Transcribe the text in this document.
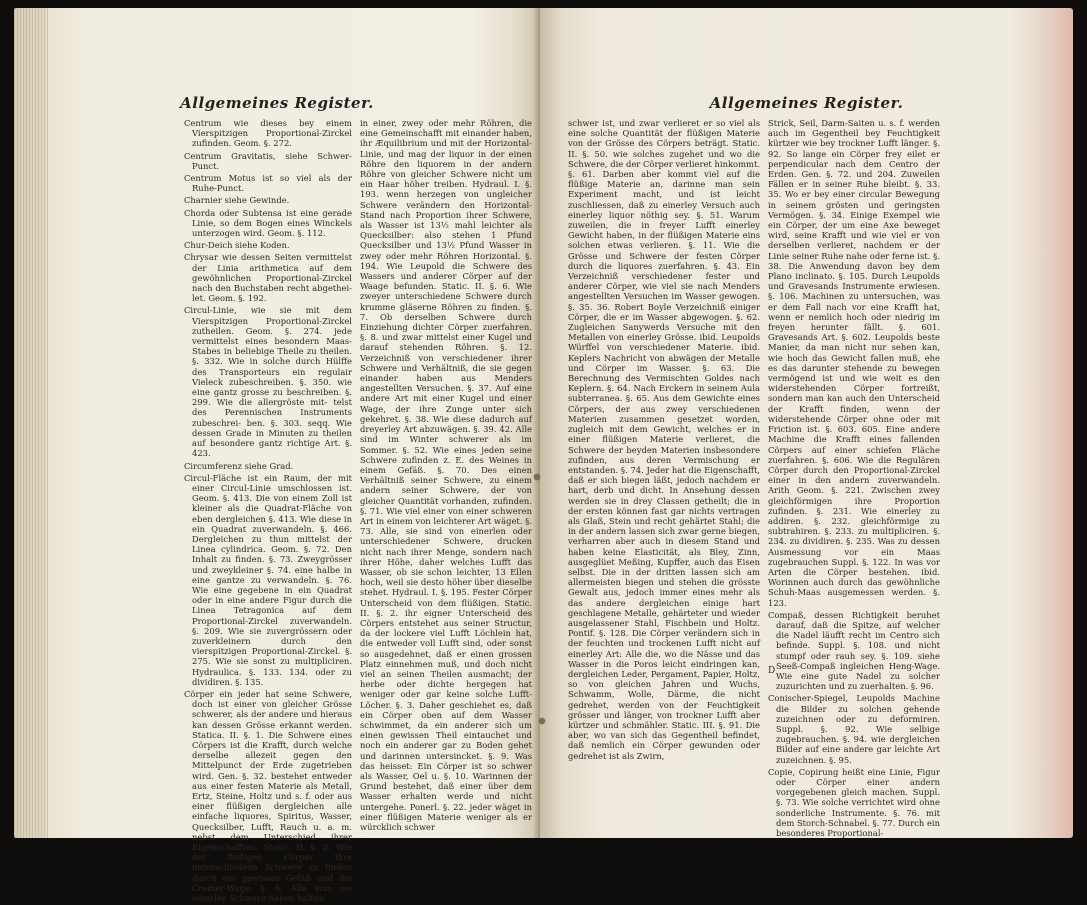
Allgemeines Register.

Centrum wie dieses bey einem Vierspitzigen Proportional-Zirckel zufinden. Geom. §. 272.

Centrum Gravitatis, siehe Schwer-Punct.

Centrum Motus ist so viel als der Ruhe-Punct.

Charnier siehe Gewinde.

Chorda oder Subtensa ist eine gerade Linie, so dem Bogen eines Winckels unterzogen wird. Geom. §. 112.

Chur-Deich siehe Koden.

Chrysar wie dessen Seiten vermittelst der Linia arithmetica auf dem gewöhnlichen Proportional-Zirckel nach den Buchstaben recht abgethei- let. Geom. §. 192.

Circul-Linie, wie sie mit dem Vierspitzigen Proportional-Zirckel zutheilen. Geom. §. 274. jede vermittelst eines besondern Maas-Stabes in beliebige Theile zu theilen. §. 332. Wie in solche durch Hülffe des Transporteurs ein regulair Vieleck zubeschreiben. §. 350. wie eine gantz grosse zu beschreiben. §. 299. Wie die allergröste mit- telst des Perennischen Instruments zubeschrei- ben. §. 303. seqq. Wie dessen Grade in Minuten zu theilen auf besondere gantz richtige Art. §. 423.

Circumferenz siehe Grad.

Circul-Fläche ist ein Raum, der mit einer Circul-Linie umschlossen ist. Geom. §. 413. Die von einem Zoll ist kleiner als die Quadrat-Fläche von eben dergleichen §. 413. Wie diese in ein Quadrat zuverwandeln. §. 466. Dergleichen zu thun mittelst der Linea cylindrica. Geom. §. 72. Den Inhalt zu finden. §. 73. Zweygrösser und zweykleiner §. 74. eine halbe in eine gantze zu verwandeln. §. 76. Wie eine gegebene in ein Quadrat oder in eine andere Figur durch die Linea Tetragonica auf dem Proportional-Zirckel zuverwandeln. §. 209. Wie sie zuvergrössern oder zuverkleinern durch den vierspitzigen Proportional-Zirckel. §. 275. Wie sie sonst zu multipliciren. Hydraulica. §. 133. 134. oder zu dividiren. §. 135.

Cörper ein jeder hat seine Schwere, doch ist einer von gleicher Grösse schwerer, als der andere und hieraus kan dessen Grösse erkannt werden. Statica. II. §. 1. Die Schwere eines Cörpers ist die Krafft, durch welche derselbe allezeit gegen den Mittelpunct der Erde zugetrieben wird. Gen. §. 32. bestehet entweder aus einer festen Materie als Metall, Ertz, Steine, Holtz und s. f. oder aus einer flüßigen dergleichen alle einfache liquores, Spiritus, Wasser, Quecksilber, Lufft, Rauch u. a. m. nebst dem Unterschied ihrer Eigenschafften. Static. II. §. 2. Wie der flüßigen Cörper ihre unterschiedene Schwere zu finden durch ein gewisses Gefäß und die Cramer-Wage. §. 6. Alle vom sie einerley Schwere haben halten

in einer, zwey oder mehr Röhren, die eine Gemeinschafft mit einander haben, ihr Æquilibrium und mit der Horizontal-Linie, und mag der liquor in der einen Röhre den liquorem in der andern Röhre von gleicher Schwere nicht um ein Haar höher treiben. Hydraul. I. §. 193. wenn herzegen von ungleicher Schwere verändern den Horizontal-Stand nach Proportion ihrer Schwere, als Wasser ist 13½ mahl leichter als Quecksilber: also stehen 1 Pfund Quecksilber und 13½ Pfund Wasser in zwey oder mehr Röhren Horizontal. §. 194. Wie Leupold die Schwere des Wassers und anderer Cörper auf der Waage befunden. Static. II. §. 6. Wie zweyer unterschiedene Schwere durch krumme gläserne Röhren zu finden. §. 7. Ob derselben Schwere durch Einziehung dichter Cörper zuerfahren. §. 8. und zwar mittelst einer Kugel und darauf stehenden Röhren. §. 12. Verzeichniß von verschiedener ihrer Schwere und Verhältniß, die sie gegen einander haben aus Menders angestellten Versuchen. §. 37. Auf eine andere Art mit einer Kugel und einer Wage, der ihre Zunge unter sich gekehret. §. 38. Wie diese dadurch auf dreyerley Art abzuwägen. §. 39. 42. Alle sind im Winter schwerer als im Sommer. §. 52. Wie eines jeden seine Schwere zufinden z. E. des Weines in einem Gefäß. §. 70. Des einen Verhältniß seiner Schwere, zu einem andern seiner Schwere, der von gleicher Quantität vorhanden, zufinden. §. 71. Wie viel einer von einer schweren Art in einem von leichterer Art wäget. §. 73. Alle, sie sind von einerlen oder unterschiedener Schwere, drucken nicht nach ihrer Menge, sondern nach ihrer Höhe, daher welches Lufft das Wasser, ob sie schon leichter, 13 Ellen hoch, weil sie desto höher über dieselbe stehet. Hydraul. I. §. 195. Fester Cörper Unterscheid von dem flüßigen. Static. II. §. 2. ihr eigner Unterscheid des Cörpers entstehet aus seiner Structur, da der lockere viel Lufft Löchlein hat, die entweder voll Lufft sind, oder sonst so ausgedehnet, daß er einen grossen Platz einnehmen muß, und doch nicht viel an seinen Theilen ausmacht; der herbe oder dichte hergegen hat weniger oder gar keine solche Lufft-Löcher. §. 3. Daher geschiehet es, daß ein Cörper oben auf dem Wasser schwimmet, da ein anderer sich um einen gewissen Theil eintauchet und noch ein anderer gar zu Boden gehet und darinnen untersincket. §. 9. Was das heisset: Ein Cörper ist so schwer als Wasser, Oel u. §. 10. Warinnen der Grund bestehet, daß einer über dem Wasser erhalten werde und nicht untergehe. Ponerl. §. 22. jeder wäget in einer flüßigen Materie weniger als er würcklich schwer

Allgemeines Register.

schwer ist, und zwar verlieret er so viel als eine solche Quantität der flüßigen Materie von der Grösse des Cörpers beträgt. Static. II. §. 50. wie solches zugehet und wo die Schwere, die der Cörper verlieret hinkommt. §. 61. Darben aber kommt viel auf die flüßige Materie an, darinne man sein Experiment macht, und ist leicht zuschliessen, daß zu einerley Versuch auch einerley liquor nöthig sey. §. 51. Warum zuweilen, die in freyer Lufft einerley Gewicht haben, in der flüßigen Materie eins solchen etwas verlieren. §. 11. Wie die Grösse und Schwere der festen Cörper durch die liquores zuerfahren. §. 43. Ein Verzeichniß verschiedener fester und anderer Cörper, wie viel sie nach Menders angestellten Versuchen im Wasser gewogen. §. 35. 36. Robert Boyle Verzeichniß einiger Cörper, die er im Wasser abgewogen. §. 62. Zugleichen Sanywerds Versuche mit den Metallen von einerley Grösse. ibid. Leupolds Würffel von verschiedener Materie. ibid. Keplers Nachricht von abwägen der Metalle und Cörper im Wasser. §. 63. Die Berechnung des Vermischten Goldes nach Keplern. §. 64. Nach Erckern in seinem Aula subterranea. §. 65. Aus dem Gewichte eines Cörpers, der aus zwey verschiedenen Materien zusammen gesetzet worden, zugleich mit dem Gewicht, welches er in einer flüßigen Materie verlieret, die Schwere der beyden Materien insbesondere zufinden, aus deren Vermischung er entstanden. §. 74. Jeder hat die Eigenschafft, daß er sich biegen läßt, jedoch nachdem er hart, derb und dicht. In Ansehung dessen werden sie in drey Classen getheilt; die in der ersten können fast gar nichts vertragen als Glaß, Stein und recht gehärtet Stahl; die in der andern lassen sich zwar gerne biegen, verharren aber auch in diesem Stand und haben keine Elasticität, als Bley, Zinn, ausgeglüet Meßing, Kupffer, auch das Eisen selbst. Die in der dritten lassen sich am allermeisten biegen und stehen die grösste Gewalt aus, jedoch immer eines mehr als das andere dergleichen einige hart geschlagene Metalle, gehärteter und wieder ausgelassener Stahl, Fischbein und Holtz. Pontif. §. 128. Die Cörper verändern sich in der feuchten und trockenen Lufft nicht auf einerley Art: Alle die, wo die Nässe und das Wasser in die Poros leicht eindringen kan, dergleichen Leder, Pergament, Papier, Holtz, so von gleichen Jahren und Wuchs, Schwamm, Wolle, Därme, die nicht gedrehet, werden von der Feuchtigkeit grösser und länger, von trockner Lufft aber kürtzer und schmähler. Static. III. §. 91. Die aber, wo van sich das Gegentheil befindet, daß nemlich ein Cörper gewunden oder gedrehet ist als Zwirn,

Strick, Seil, Darm-Saiten u. s. f. werden auch im Gegentheil bey Feuchtigkeit kürtzer wie bey trockner Lufft länger. §. 92. So lange ein Cörper frey eilet er perpendicular nach dem Centro der Erden. Gen. §. 72. und 204. Zuweilen Fällen er in seiner Ruhe bleibt. §. 33. 35. Wo er bey einer circular Bewegung in seinem grösten und geringsten Vermögen. §. 34. Einige Exempel wie ein Cörper, der um eine Axe beweget wird, seine Krafft und wie viel er von derselben verlieret, nachdem er der Linie seiner Ruhe nahe oder ferne ist. §. 38. Die Anwendung davon bey dem Plano inclinato. §. 105. Durch Leupolds und Gravesands Instrumente erwiesen. §. 106. Machinen zu untersuchen, was er dem Fall nach vor eine Krafft hat, wenn er nemlich hoch oder niedrig im freyen herunter fällt. §. 601. Gravesands Art. §. 602. Leupolds beste Manier, da man nicht nur sehen kan, wie hoch das Gewicht fallen muß, ehe es das darunter stehende zu bewegen vermögend ist und wie weit es den widerstehenden Cörper fortreißt, sondern man kan auch den Unterscheid der Krafft finden, wenn der widerstehende Cörper ohne oder mit Friction ist. §. 603. 605. Eine andere Machine die Krafft eines fallenden Cörpers auf einer schiefen Fläche zuerfahren. §. 606. Wie die Regulären Cörper durch den Proportional-Zirckel einer in den andern zuverwandeln. Arith Geom. §. 221. Zwischen zwey gleichförmigen ihre Proportion zufinden. §. 231. Wie einerley zu addiren. §. 232. gleichförmige zu subtrahiren. §. 233. zu multipliciren. §. 234. zu dividiren. §. 235. Was zu dessen Ausmessung vor ein Maas zugebrauchen Suppl. §. 122. In was vor Arten die Cörper bestehen. ibid. Worinnen auch durch das gewöhnliche Schuh-Maas ausgemessen werden. §. 123.

Compaß, dessen Richtigkeit beruhet darauf, daß die Spitze, auf welcher die Nadel läufft recht im Centro sich befinde. Suppl. §. 108. und nicht stumpf oder rauh sey. §. 109. siehe Seeß-Compaß ingleichen Heng-Wage. Wie eine gute Nadel zu solcher zuzurichten und zu zuerhalten. §. 96.

Conischer-Spiegel, Leupolds Machine die Bilder zu solchen gehende zuzeichnen oder zu deformiren. Suppl. §. 92. Wie selbige zugebrauchen. §. 94. wie dergleichen Bilder auf eine andere gar leichte Art zuzeichnen. §. 95.

Copie, Copirung heißt eine Linie, Figur oder Cörper einer andern vorgegebenen gleich machen. Suppl. §. 73. Wie solche verrichtet wird ohne sonderliche Instrumente. §. 76. mit dem Storch-Schnabel. §. 77. Durch ein besonderes Proportional-

D
